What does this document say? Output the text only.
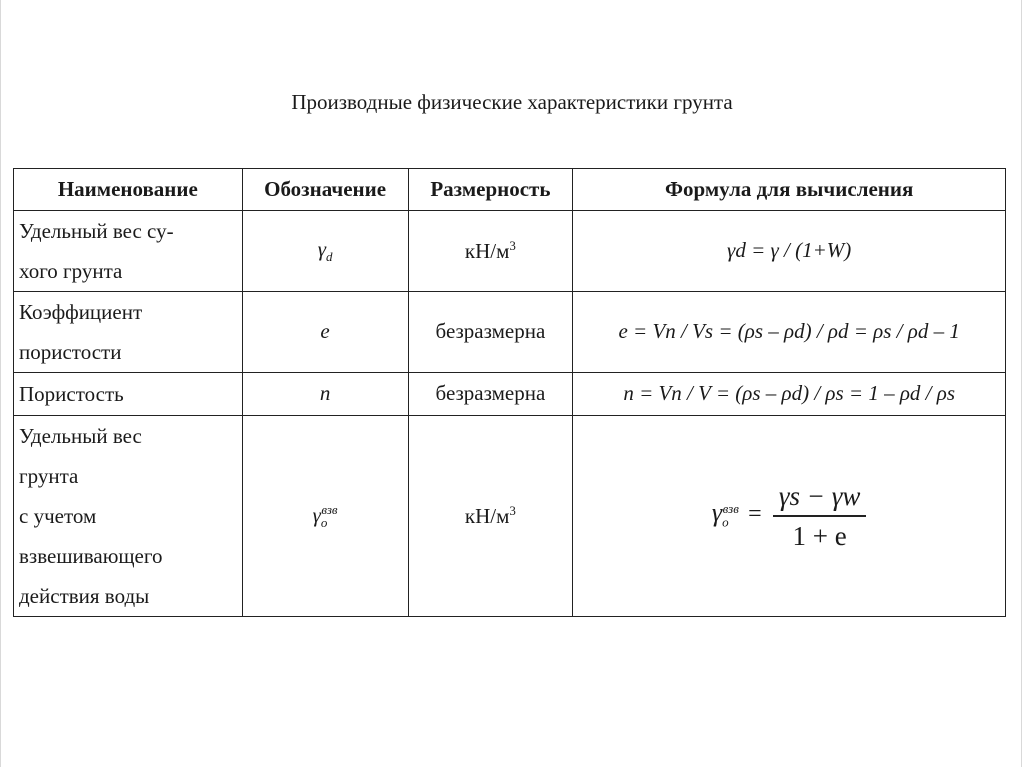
Производные физические характеристики грунта
Наименование	Обозначение	Размерность	Формула для вычисления

Удельный вес су-
хого грунта	$\gamma_d$	$кН/м^3$	γd = γ / (1+W)

Коэффициент
пористости	e	безразмерна	e = Vn / Vs = (ρs – ρd) / ρd = ρs / ρd – 1

Пористость	n	безразмерна	n = Vn / V = (ρs – ρd) / ρs = 1 – ρd / ρs

Удельный вес
грунта
с учетом
взвешивающего
действия воды	$\gamma_o^{взв}$	$кН/м^3$	$\gamma_o^{взв} = \frac{\gamma s - \gamma w}{1 + e}$
